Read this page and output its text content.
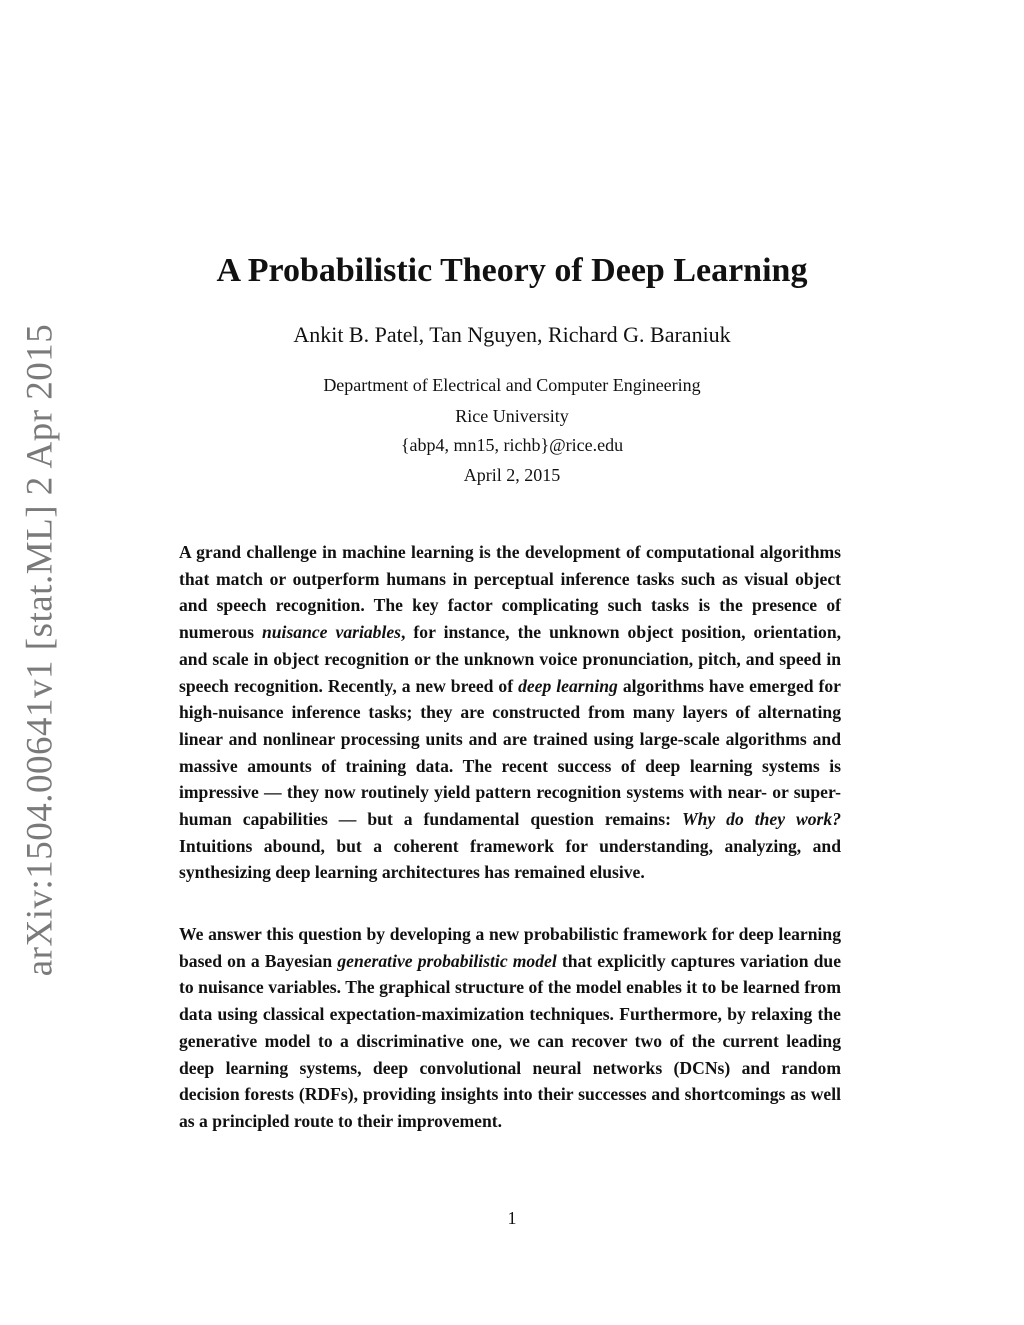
arXiv:1504.00641v1 [stat.ML] 2 Apr 2015
A Probabilistic Theory of Deep Learning
Ankit B. Patel, Tan Nguyen, Richard G. Baraniuk
Department of Electrical and Computer Engineering
Rice University
{abp4, mn15, richb}@rice.edu
April 2, 2015

A grand challenge in machine learning is the development of computational algorithms that match or outperform humans in perceptual inference tasks such as visual object and speech recognition. The key factor complicating such tasks is the presence of numerous nuisance variables, for instance, the unknown object position, orientation, and scale in object recognition or the unknown voice pronunciation, pitch, and speed in speech recognition. Recently, a new breed of deep learning algorithms have emerged for high-nuisance inference tasks; they are constructed from many layers of alternating linear and nonlinear processing units and are trained using large-scale algorithms and massive amounts of training data. The recent success of deep learning systems is impressive — they now routinely yield pattern recognition systems with near- or super-human capabilities — but a fundamental question remains: Why do they work? Intuitions abound, but a coherent framework for understanding, analyzing, and synthesizing deep learning architectures has remained elusive.

We answer this question by developing a new probabilistic framework for deep learning based on a Bayesian generative probabilistic model that explicitly captures variation due to nuisance variables. The graphical structure of the model enables it to be learned from data using classical expectation-maximization techniques. Furthermore, by relaxing the generative model to a discriminative one, we can recover two of the current leading deep learning systems, deep convolutional neural networks (DCNs) and random decision forests (RDFs), providing insights into their successes and shortcomings as well as a principled route to their improvement.

1
